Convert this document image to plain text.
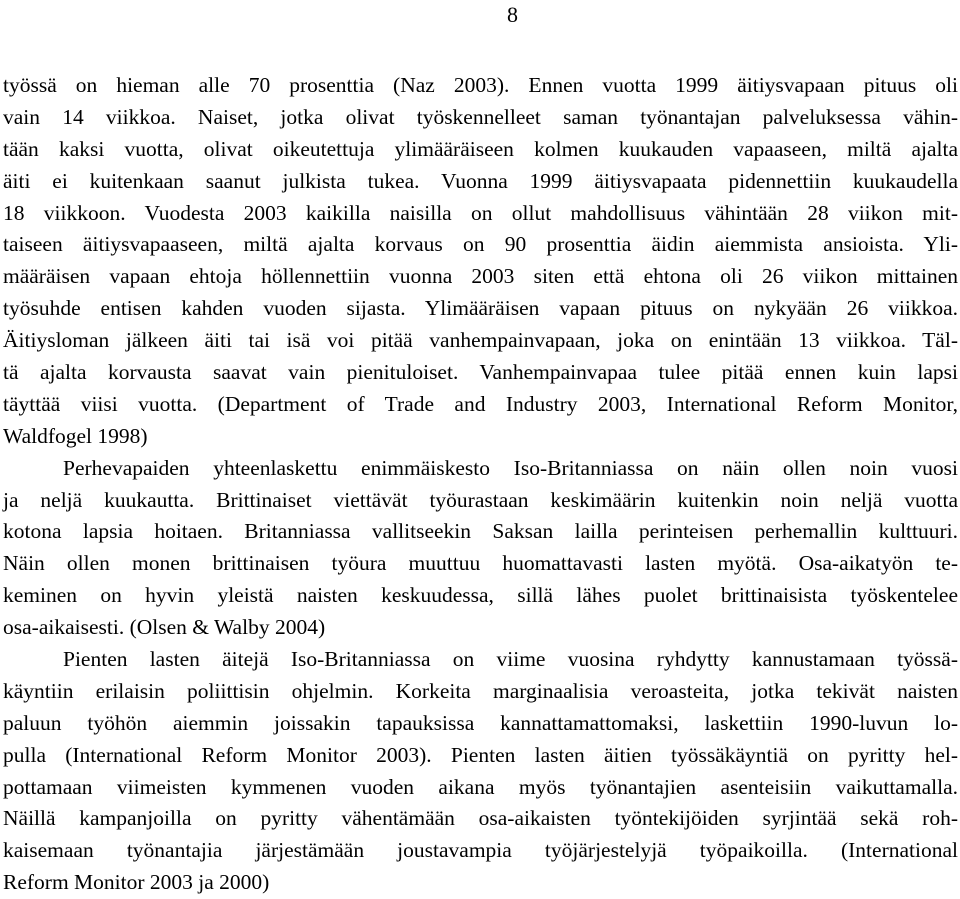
8
työssä on hieman alle 70 prosenttia (Naz 2003). Ennen vuotta 1999 äitiysvapaan pituus oli
vain 14 viikkoa. Naiset, jotka olivat työskennelleet saman työnantajan palveluksessa vähin-
tään kaksi vuotta, olivat oikeutettuja ylimääräiseen kolmen kuukauden vapaaseen, miltä ajalta
äiti ei kuitenkaan saanut julkista tukea. Vuonna 1999 äitiysvapaata pidennettiin kuukaudella
18 viikkoon. Vuodesta 2003 kaikilla naisilla on ollut mahdollisuus vähintään 28 viikon mit-
taiseen äitiysvapaaseen, miltä ajalta korvaus on 90 prosenttia äidin aiemmista ansioista. Yli-
määräisen vapaan ehtoja höllennettiin vuonna 2003 siten että ehtona oli 26 viikon mittainen
työsuhde entisen kahden vuoden sijasta. Ylimääräisen vapaan pituus on nykyään 26 viikkoa.
Äitiysloman jälkeen äiti tai isä voi pitää vanhempainvapaan, joka on enintään 13 viikkoa. Täl-
tä ajalta korvausta saavat vain pienituloiset. Vanhempainvapaa tulee pitää ennen kuin lapsi
täyttää viisi vuotta. (Department of Trade and Industry 2003, International Reform Monitor,
Waldfogel 1998)
Perhevapaiden yhteenlaskettu enimmäiskesto Iso-Britanniassa on näin ollen noin vuosi
ja neljä kuukautta. Brittinaiset viettävät työurastaan keskimäärin kuitenkin noin neljä vuotta
kotona lapsia hoitaen. Britanniassa vallitseekin Saksan lailla perinteisen perhemallin kulttuuri.
Näin ollen monen brittinaisen työura muuttuu huomattavasti lasten myötä. Osa-aikatyön te-
keminen on hyvin yleistä naisten keskuudessa, sillä lähes puolet brittinaisista työskentelee
osa-aikaisesti. (Olsen & Walby 2004)
Pienten lasten äitejä Iso-Britanniassa on viime vuosina ryhdytty kannustamaan työssä-
käyntiin erilaisin poliittisin ohjelmin. Korkeita marginaalisia veroasteita, jotka tekivät naisten
paluun työhön aiemmin joissakin tapauksissa kannattamattomaksi, laskettiin 1990-luvun lo-
pulla (International Reform Monitor 2003). Pienten lasten äitien työssäkäyntiä on pyritty hel-
pottamaan viimeisten kymmenen vuoden aikana myös työnantajien asenteisiin vaikuttamalla.
Näillä kampanjoilla on pyritty vähentämään osa-aikaisten työntekijöiden syrjintää sekä roh-
kaisemaan työnantajia järjestämään joustavampia työjärjestelyjä työpaikoilla. (International
Reform Monitor 2003 ja 2000)
